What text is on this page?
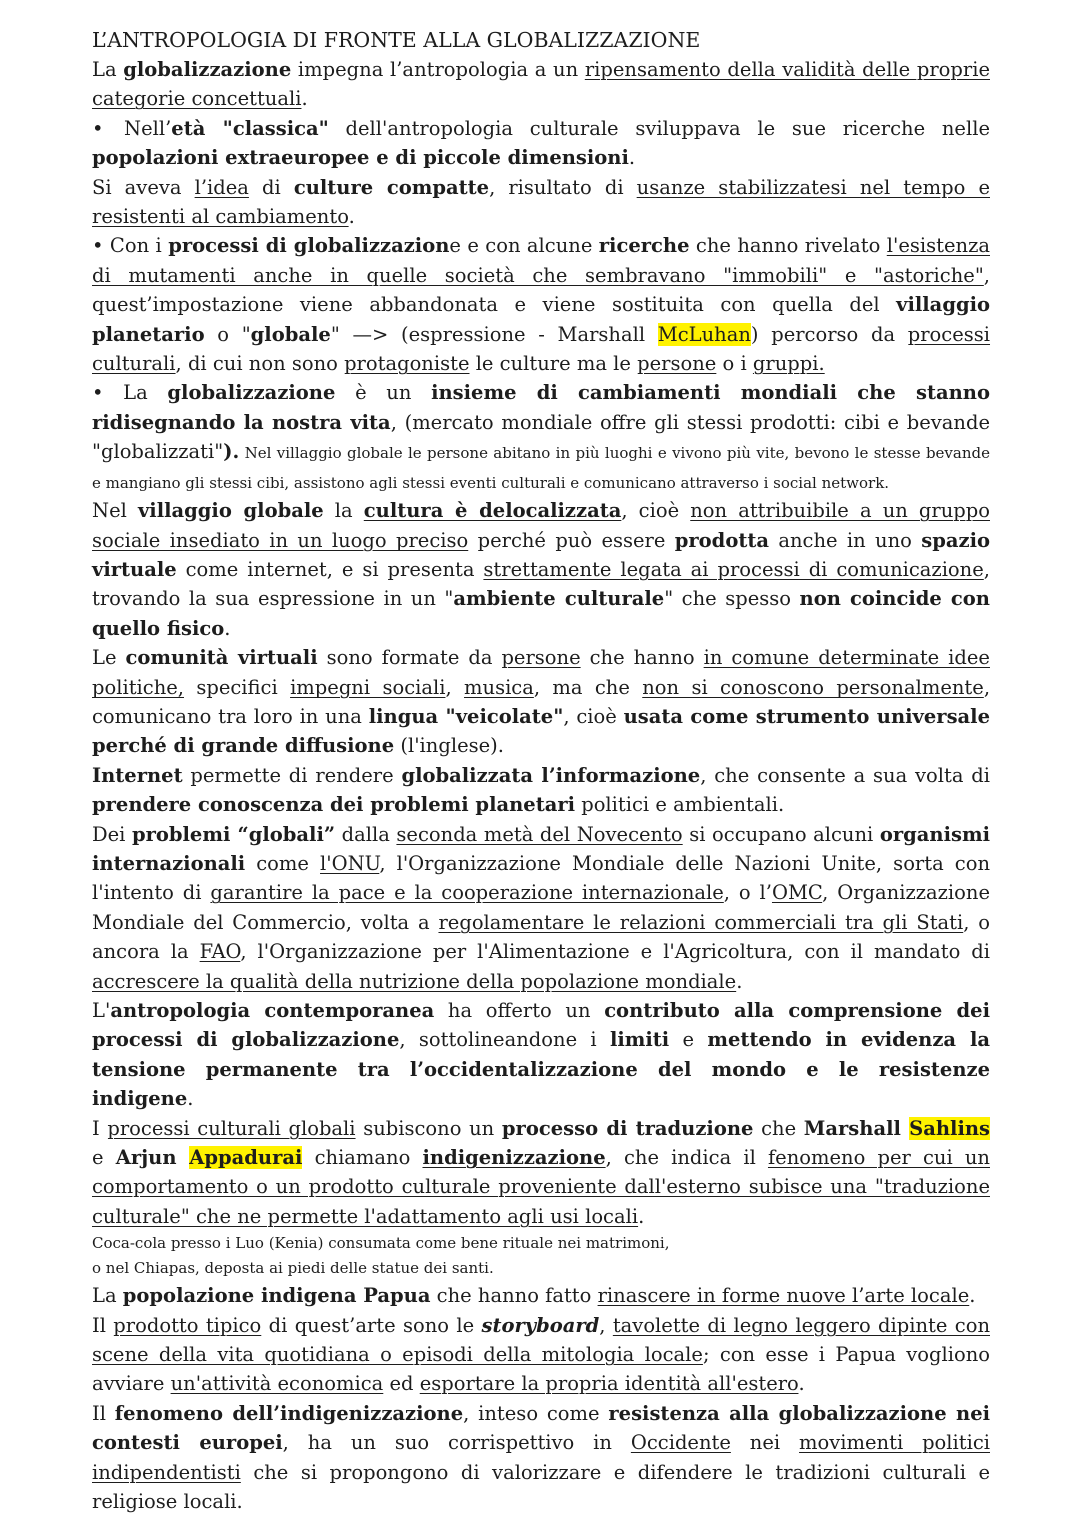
L’ANTROPOLOGIA DI FRONTE ALLA GLOBALIZZAZIONE

La globalizzazione impegna l’antropologia a un ripensamento della validità delle proprie categorie concettuali.

• Nell’età "classica" dell'antropologia culturale sviluppava le sue ricerche nelle popolazioni extraeuropee e di piccole dimensioni.

Si aveva l’idea di culture compatte, risultato di usanze stabilizzatesi nel tempo e resistenti al cambiamento.

• Con i processi di globalizzazione e con alcune ricerche che hanno rivelato l'esistenza di mutamenti anche in quelle società che sembravano "immobili" e "astoriche", quest’impostazione viene abbandonata e viene sostituita con quella del villaggio planetario o "globale" —> (espressione - Marshall McLuhan) percorso da processi culturali, di cui non sono protagoniste le culture ma le persone o i gruppi.

• La globalizzazione è un insieme di cambiamenti mondiali che stanno ridisegnando la nostra vita, (mercato mondiale offre gli stessi prodotti: cibi e bevande "globalizzati"). Nel villaggio globale le persone abitano in più luoghi e vivono più vite, bevono le stesse bevande e mangiano gli stessi cibi, assistono agli stessi eventi culturali e comunicano attraverso i social network.

Nel villaggio globale la cultura è delocalizzata, cioè non attribuibile a un gruppo sociale insediato in un luogo preciso perché può essere prodotta anche in uno spazio virtuale come internet, e si presenta strettamente legata ai processi di comunicazione, trovando la sua espressione in un "ambiente culturale" che spesso non coincide con quello fisico.

Le comunità virtuali sono formate da persone che hanno in comune determinate idee politiche, specifici impegni sociali, musica, ma che non si conoscono personalmente, comunicano tra loro in una lingua "veicolate", cioè usata come strumento universale perché di grande diffusione (l'inglese).

Internet permette di rendere globalizzata l’informazione, che consente a sua volta di prendere conoscenza dei problemi planetari politici e ambientali.

Dei problemi “globali” dalla seconda metà del Novecento si occupano alcuni organismi internazionali come l'ONU, l'Organizzazione Mondiale delle Nazioni Unite, sorta con l'intento di garantire la pace e la cooperazione internazionale, o l’OMC, Organizzazione Mondiale del Commercio, volta a regolamentare le relazioni commerciali tra gli Stati, o ancora la FAO, l'Organizzazione per l'Alimentazione e l'Agricoltura, con il mandato di accrescere la qualità della nutrizione della popolazione mondiale.

L'antropologia contemporanea ha offerto un contributo alla comprensione dei processi di globalizzazione, sottolineandone i limiti e mettendo in evidenza la tensione permanente tra l’occidentalizzazione del mondo e le resistenze indigene.

I processi culturali globali subiscono un processo di traduzione che Marshall Sahlins e Arjun Appadurai chiamano indigenizzazione, che indica il fenomeno per cui un comportamento o un prodotto culturale proveniente dall'esterno subisce una "traduzione culturale" che ne permette l'adattamento agli usi locali.

Coca-cola presso i Luo (Kenia) consumata come bene rituale nei matrimoni,
o nel Chiapas, deposta ai piedi delle statue dei santi.

La popolazione indigena Papua che hanno fatto rinascere in forme nuove l’arte locale.

Il prodotto tipico di quest’arte sono le storyboard, tavolette di legno leggero dipinte con scene della vita quotidiana o episodi della mitologia locale; con esse i Papua vogliono avviare un'attività economica ed esportare la propria identità all'estero.

Il fenomeno dell’indigenizzazione, inteso come resistenza alla globalizzazione nei contesti europei, ha un suo corrispettivo in Occidente nei movimenti politici indipendentisti che si propongono di valorizzare e difendere le tradizioni culturali e religiose locali.
